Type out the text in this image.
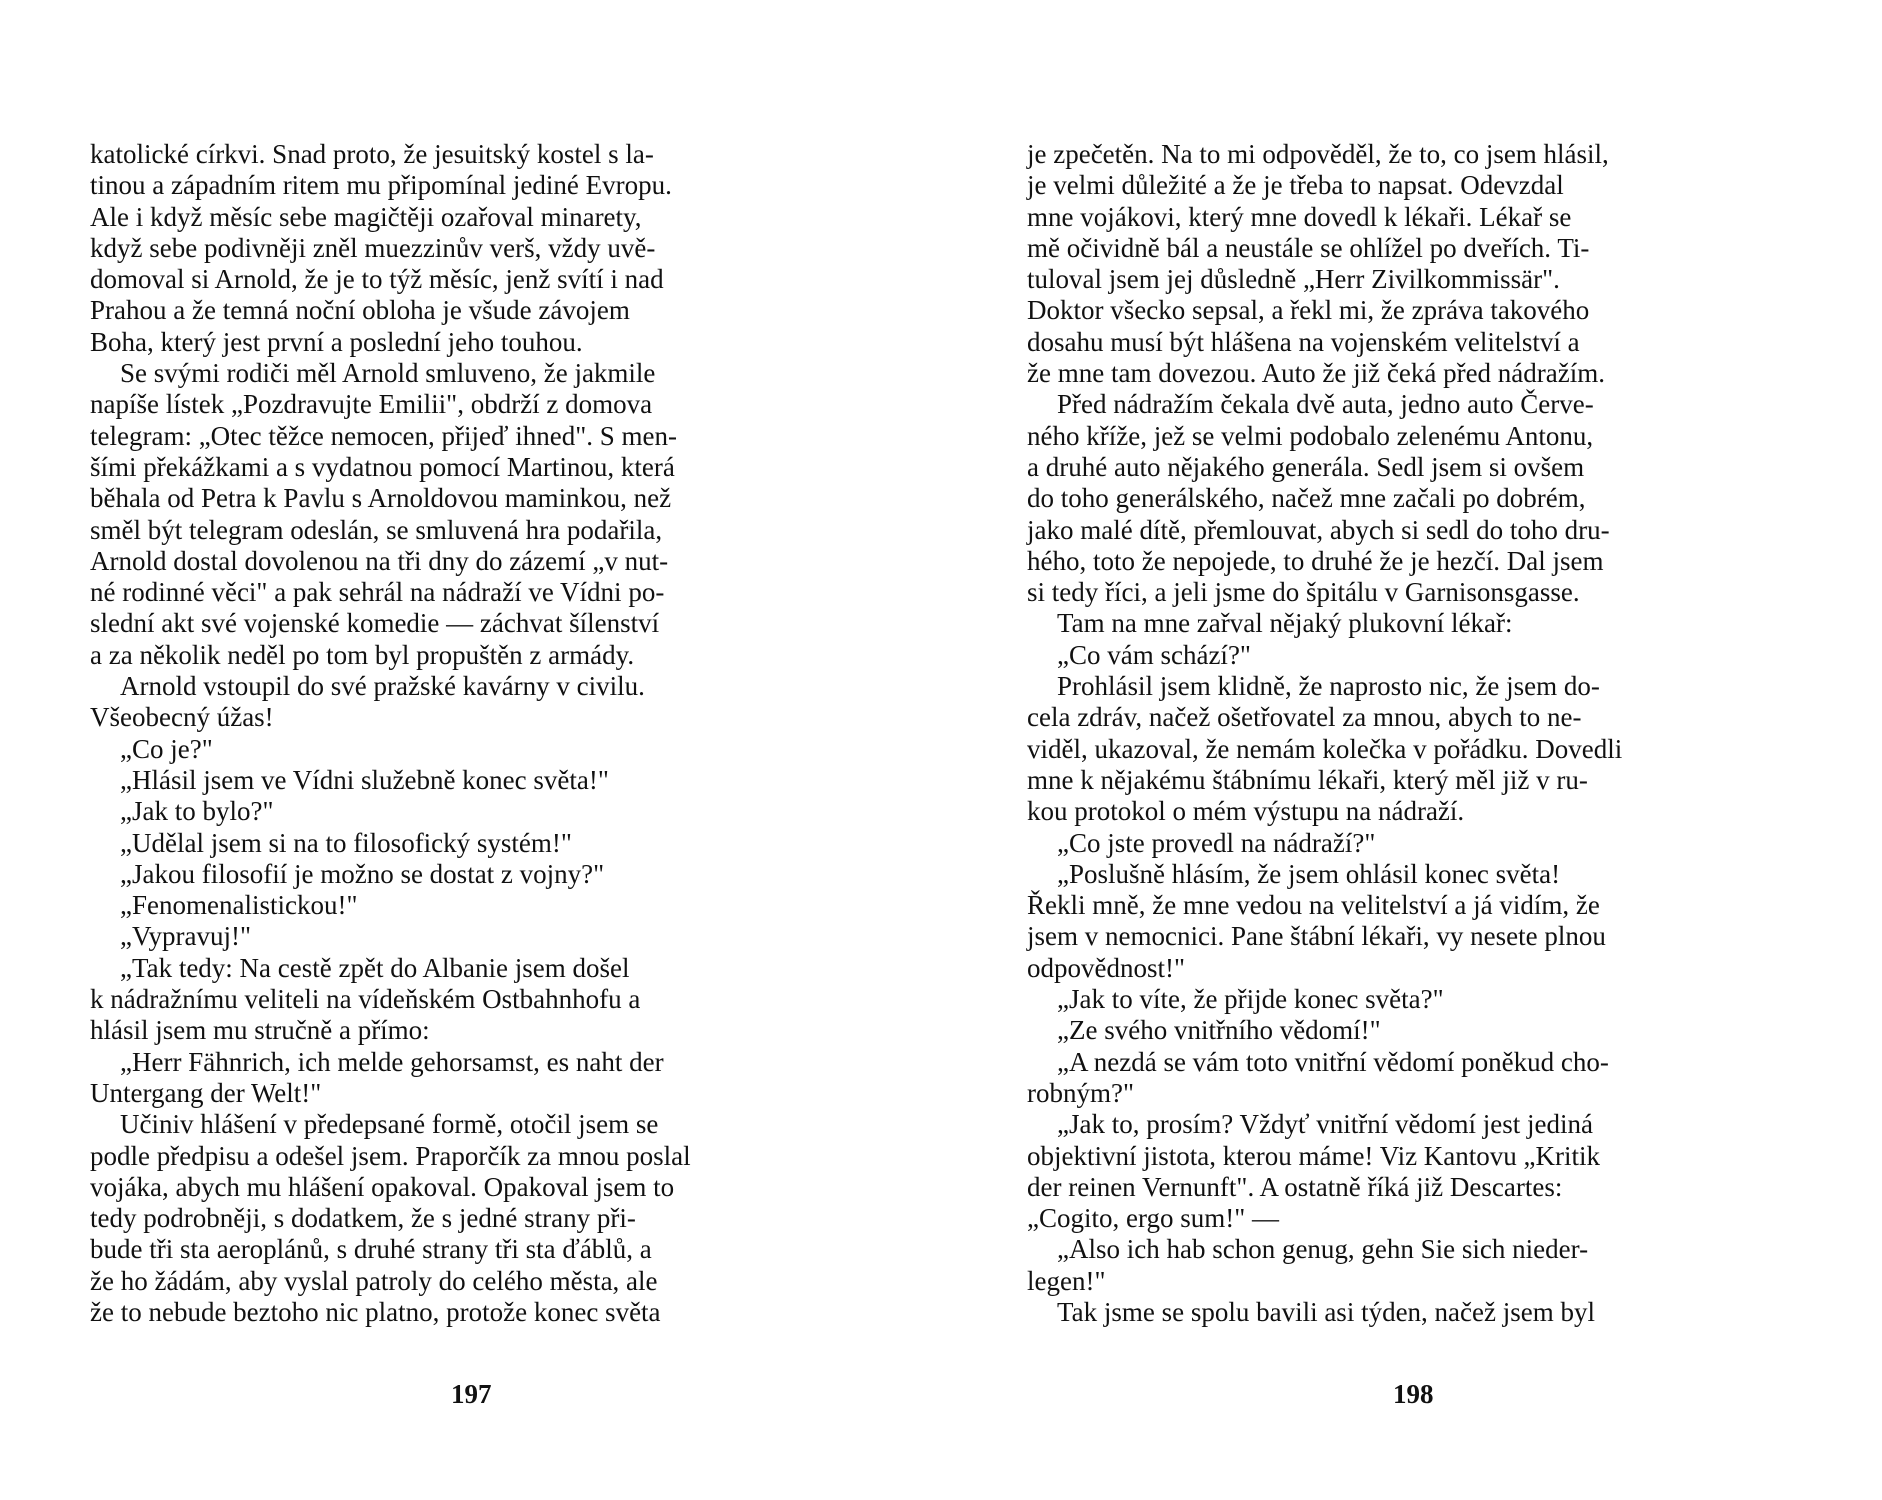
katolické církvi. Snad proto, že jesuitský kostel s la-
tinou a západním ritem mu připomínal jediné Evropu.
Ale i když měsíc sebe magičtěji ozařoval minarety,
když sebe podivněji zněl muezzinův verš, vždy uvě-
domoval si Arnold, že je to týž měsíc, jenž svítí i nad
Prahou a že temná noční obloha je všude závojem
Boha, který jest první a poslední jeho touhou.
Se svými rodiči měl Arnold smluveno, že jakmile
napíše lístek „Pozdravujte Emilii", obdrží z domova
telegram: „Otec těžce nemocen, přijeď ihned". S men-
šími překážkami a s vydatnou pomocí Martinou, která
běhala od Petra k Pavlu s Arnoldovou maminkou, než
směl být telegram odeslán, se smluvená hra podařila,
Arnold dostal dovolenou na tři dny do zázemí „v nut-
né rodinné věci" a pak sehrál na nádraží ve Vídni po-
slední akt své vojenské komedie — záchvat šílenství
a za několik neděl po tom byl propuštěn z armády.
Arnold vstoupil do své pražské kavárny v civilu.
Všeobecný úžas!
„Co je?"
„Hlásil jsem ve Vídni služebně konec světa!"
„Jak to bylo?"
„Udělal jsem si na to filosofický systém!"
„Jakou filosofií je možno se dostat z vojny?"
„Fenomenalistickou!"
„Vypravuj!"
„Tak tedy: Na cestě zpět do Albanie jsem došel
k nádražnímu veliteli na vídeňském Ostbahnhofu a
hlásil jsem mu stručně a přímo:
„Herr Fähnrich, ich melde gehorsamst, es naht der
Untergang der Welt!"
Učiniv hlášení v předepsané formě, otočil jsem se
podle předpisu a odešel jsem. Praporčík za mnou poslal
vojáka, abych mu hlášení opakoval. Opakoval jsem to
tedy podrobněji, s dodatkem, že s jedné strany při-
bude tři sta aeroplánů, s druhé strany tři sta ďáblů, a
že ho žádám, aby vyslal patroly do celého města, ale
že to nebude beztoho nic platno, protože konec světa
197
je zpečetěn. Na to mi odpověděl, že to, co jsem hlásil,
je velmi důležité a že je třeba to napsat. Odevzdal
mne vojákovi, který mne dovedl k lékaři. Lékař se
mě očividně bál a neustále se ohlížel po dveřích. Ti-
tuloval jsem jej důsledně „Herr Zivilkommissär".
Doktor všecko sepsal, a řekl mi, že zpráva takového
dosahu musí být hlášena na vojenském velitelství a
že mne tam dovezou. Auto že již čeká před nádražím.
Před nádražím čekala dvě auta, jedno auto Červe-
ného kříže, jež se velmi podobalo zelenému Antonu,
a druhé auto nějakého generála. Sedl jsem si ovšem
do toho generálského, načež mne začali po dobrém,
jako malé dítě, přemlouvat, abych si sedl do toho dru-
hého, toto že nepojede, to druhé že je hezčí. Dal jsem
si tedy říci, a jeli jsme do špitálu v Garnisonsgasse.
Tam na mne zařval nějaký plukovní lékař:
„Co vám schází?"
Prohlásil jsem klidně, že naprosto nic, že jsem do-
cela zdráv, načež ošetřovatel za mnou, abych to ne-
viděl, ukazoval, že nemám kolečka v pořádku. Dovedli
mne k nějakému štábnímu lékaři, který měl již v ru-
kou protokol o mém výstupu na nádraží.
„Co jste provedl na nádraží?"
„Poslušně hlásím, že jsem ohlásil konec světa!
Řekli mně, že mne vedou na velitelství a já vidím, že
jsem v nemocnici. Pane štábní lékaři, vy nesete plnou
odpovědnost!"
„Jak to víte, že přijde konec světa?"
„Ze svého vnitřního vědomí!"
„A nezdá se vám toto vnitřní vědomí poněkud cho-
robným?"
„Jak to, prosím? Vždyť vnitřní vědomí jest jediná
objektivní jistota, kterou máme! Viz Kantovu „Kritik
der reinen Vernunft". A ostatně říká již Descartes:
„Cogito, ergo sum!" —
„Also ich hab schon genug, gehn Sie sich nieder-
legen!"
Tak jsme se spolu bavili asi týden, načež jsem byl
198
